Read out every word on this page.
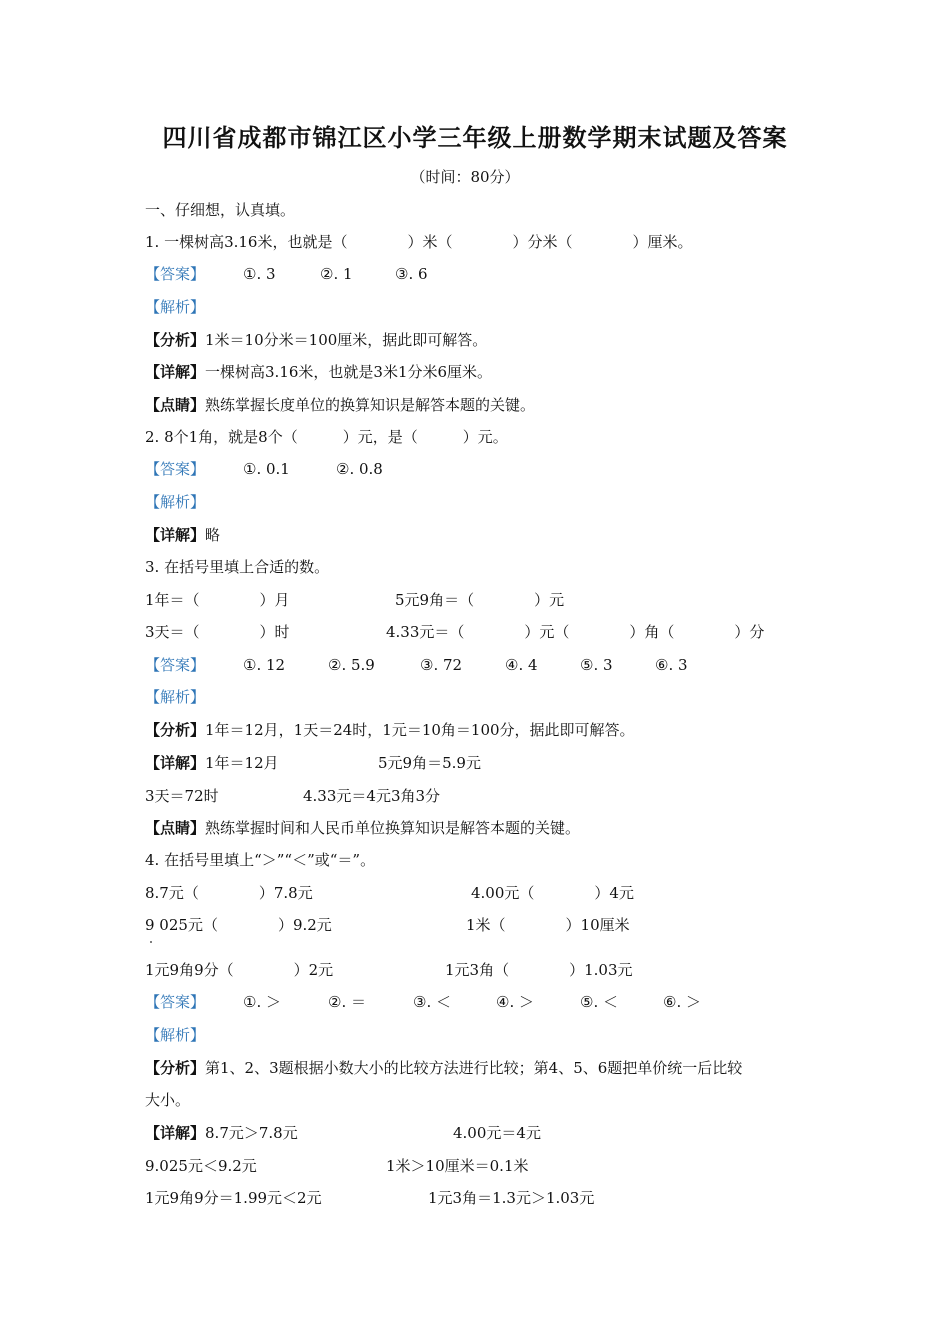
四川省成都市锦江区小学三年级上册数学期末试题及答案
（时间：80分）
一、仔细想，认真填。
1. 一棵树高3.16米，也就是（　　　　）米（　　　　）分米（　　　　）厘米。
【答案】	①. 3	②. 1	③. 6
【解析】
【分析】1米＝10分米＝100厘米，据此即可解答。
【详解】一棵树高3.16米，也就是3米1分米6厘米。
【点睛】熟练掌握长度单位的换算知识是解答本题的关键。
2. 8个1角，就是8个（　　　）元，是（　　　）元。
【答案】	①. 0.1	②. 0.8
【解析】
【详解】略
3. 在括号里填上合适的数。
1年＝（　　　　）月	5元9角＝（　　　　）元
3天＝（　　　　）时	4.33元＝（　　　　）元（　　　　）角（　　　　）分
【答案】	①. 12	②. 5.9	③. 72	④. 4	⑤. 3	⑥. 3
【解析】
【分析】1年＝12月，1天＝24时，1元＝10角＝100分，据此即可解答。
【详解】1年＝12月	5元9角＝5.9元
3天＝72时	4.33元＝4元3角3分
【点睛】熟练掌握时间和人民币单位换算知识是解答本题的关键。
4. 在括号里填上“＞”“＜”或“＝”。
8.7元（　　　　）7.8元	4.00元（　　　　）4元
9 025元（　　　　）9.2元	1米（　　　　）10厘米
1元9角9分（　　　　）2元	1元3角（　　　　）1.03元
【答案】	①. ＞	②. ＝	③. ＜	④. ＞	⑤. ＜	⑥. ＞
【解析】
【分析】第1、2、3题根据小数大小的比较方法进行比较；第4、5、6题把单价统一后比较
大小。
【详解】8.7元＞7.8元	4.00元＝4元
9.025元＜9.2元	1米＞10厘米＝0.1米
1元9角9分＝1.99元＜2元	1元3角＝1.3元＞1.03元
